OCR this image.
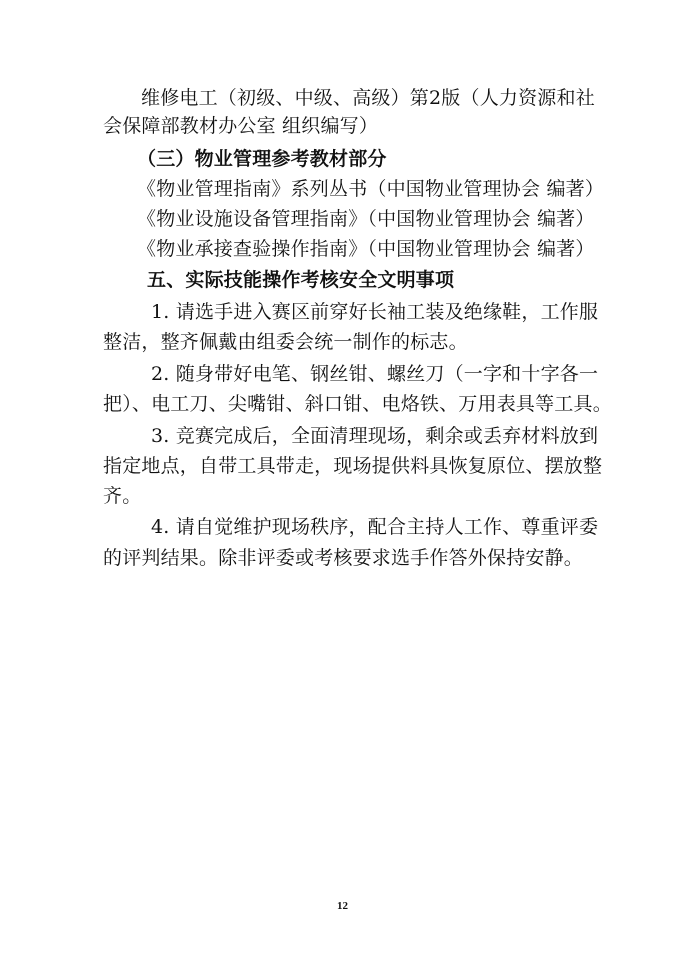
维修电工（初级、中级、高级）第2版（人力资源和社
会保障部教材办公室 组织编写）
（三）物业管理参考教材部分
《物业管理指南》系列丛书（中国物业管理协会 编著）
《物业设施设备管理指南》（中国物业管理协会 编著）
《物业承接查验操作指南》（中国物业管理协会 编著）
五、实际技能操作考核安全文明事项
1. 请选手进入赛区前穿好长袖工装及绝缘鞋，工作服
整洁，整齐佩戴由组委会统一制作的标志。
2. 随身带好电笔、钢丝钳、螺丝刀（一字和十字各一
把）、电工刀、尖嘴钳、斜口钳、电烙铁、万用表具等工具。
3. 竞赛完成后，全面清理现场，剩余或丢弃材料放到
指定地点，自带工具带走，现场提供料具恢复原位、摆放整
齐。
4. 请自觉维护现场秩序，配合主持人工作、尊重评委
的评判结果。除非评委或考核要求选手作答外保持安静。
12
